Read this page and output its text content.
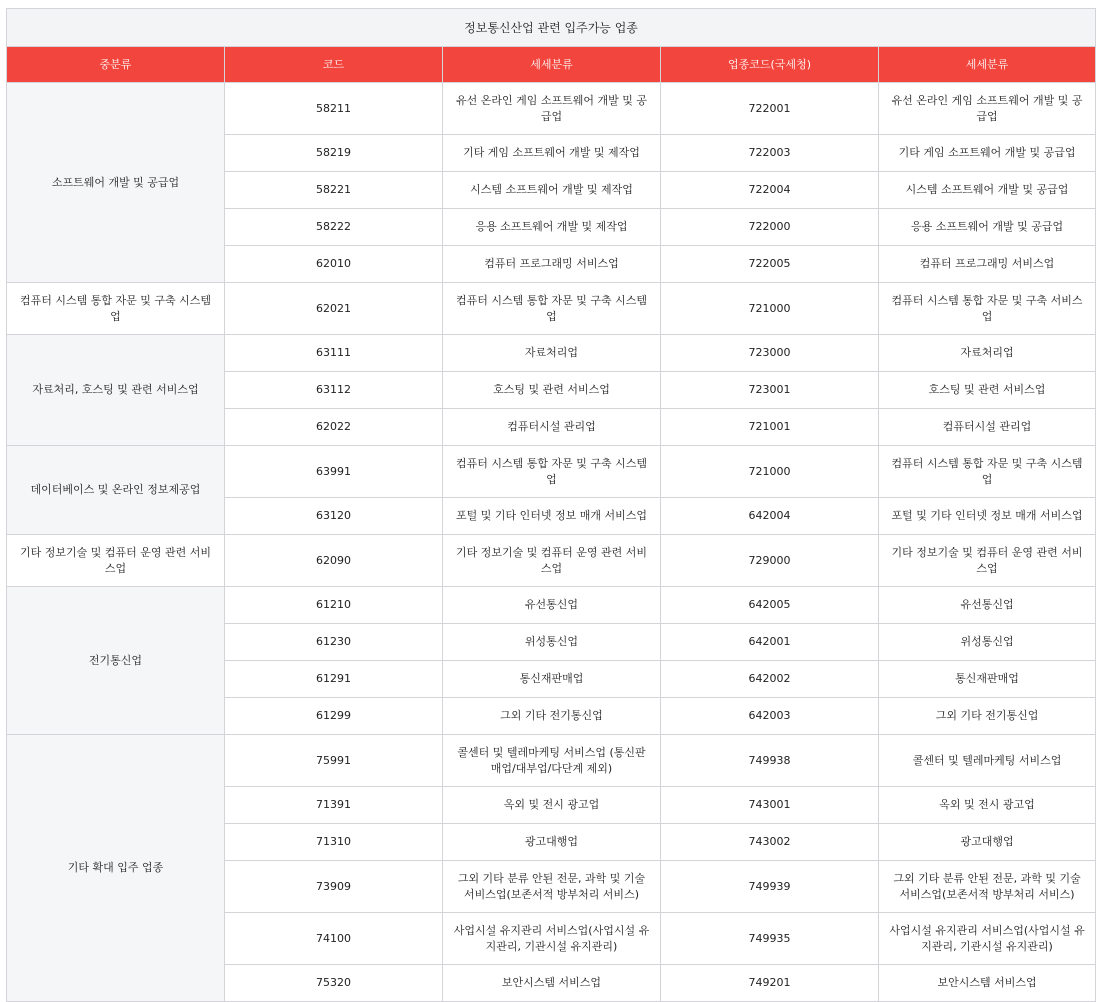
정보통신산업 관련 입주가능 업종				
중분류	코드	세세분류	업종코드(국세청)	세세분류
소프트웨어 개발 및 공급업	58211	유선 온라인 게임 소프트웨어 개발 및 공급업	722001	유선 온라인 게임 소프트웨어 개발 및 공급업
	58219	기타 게임 소프트웨어 개발 및 제작업	722003	기타 게임 소프트웨어 개발 및 공급업
	58221	시스템 소프트웨어 개발 및 제작업	722004	시스템 소프트웨어 개발 및 공급업
	58222	응용 소프트웨어 개발 및 제작업	722000	응용 소프트웨어 개발 및 공급업
	62010	컴퓨터 프로그래밍 서비스업	722005	컴퓨터 프로그래밍 서비스업
컴퓨터 시스템 통합 자문 및 구축 시스템업	62021	컴퓨터 시스템 통합 자문 및 구축 시스템업	721000	컴퓨터 시스템 통합 자문 및 구축 서비스업
자료처리, 호스팅 및 관련 서비스업	63111	자료처리업	723000	자료처리업
	63112	호스팅 및 관련 서비스업	723001	호스팅 및 관련 서비스업
	62022	컴퓨터시설 관리업	721001	컴퓨터시설 관리업
데이터베이스 및 온라인 정보제공업	63991	컴퓨터 시스템 통합 자문 및 구축 시스템업	721000	컴퓨터 시스템 통합 자문 및 구축 시스템업
	63120	포털 및 기타 인터넷 정보 매개 서비스업	642004	포털 및 기타 인터넷 정보 매개 서비스업
기타 정보기술 및 컴퓨터 운영 관련 서비스업	62090	기타 정보기술 및 컴퓨터 운영 관련 서비스업	729000	기타 정보기술 및 컴퓨터 운영 관련 서비스업
전기통신업	61210	유선통신업	642005	유선통신업
	61230	위성통신업	642001	위성통신업
	61291	통신재판매업	642002	통신재판매업
	61299	그외 기타 전기통신업	642003	그외 기타 전기통신업
기타 확대 입주 업종	75991	콜센터 및 텔레마케팅 서비스업 (통신판매업/대부업/다단계 제외)	749938	콜센터 및 텔레마케팅 서비스업
	71391	옥외 및 전시 광고업	743001	옥외 및 전시 광고업
	71310	광고대행업	743002	광고대행업
	73909	그외 기타 분류 안된 전문, 과학 및 기술 서비스업(보존서적 방부처리 서비스)	749939	그외 기타 분류 안된 전문, 과학 및 기술 서비스업(보존서적 방부처리 서비스)
	74100	사업시설 유지관리 서비스업(사업시설 유지관리, 기관시설 유지관리)	749935	사업시설 유지관리 서비스업(사업시설 유지관리, 기관시설 유지관리)
	75320	보안시스템 서비스업	749201	보안시스템 서비스업
